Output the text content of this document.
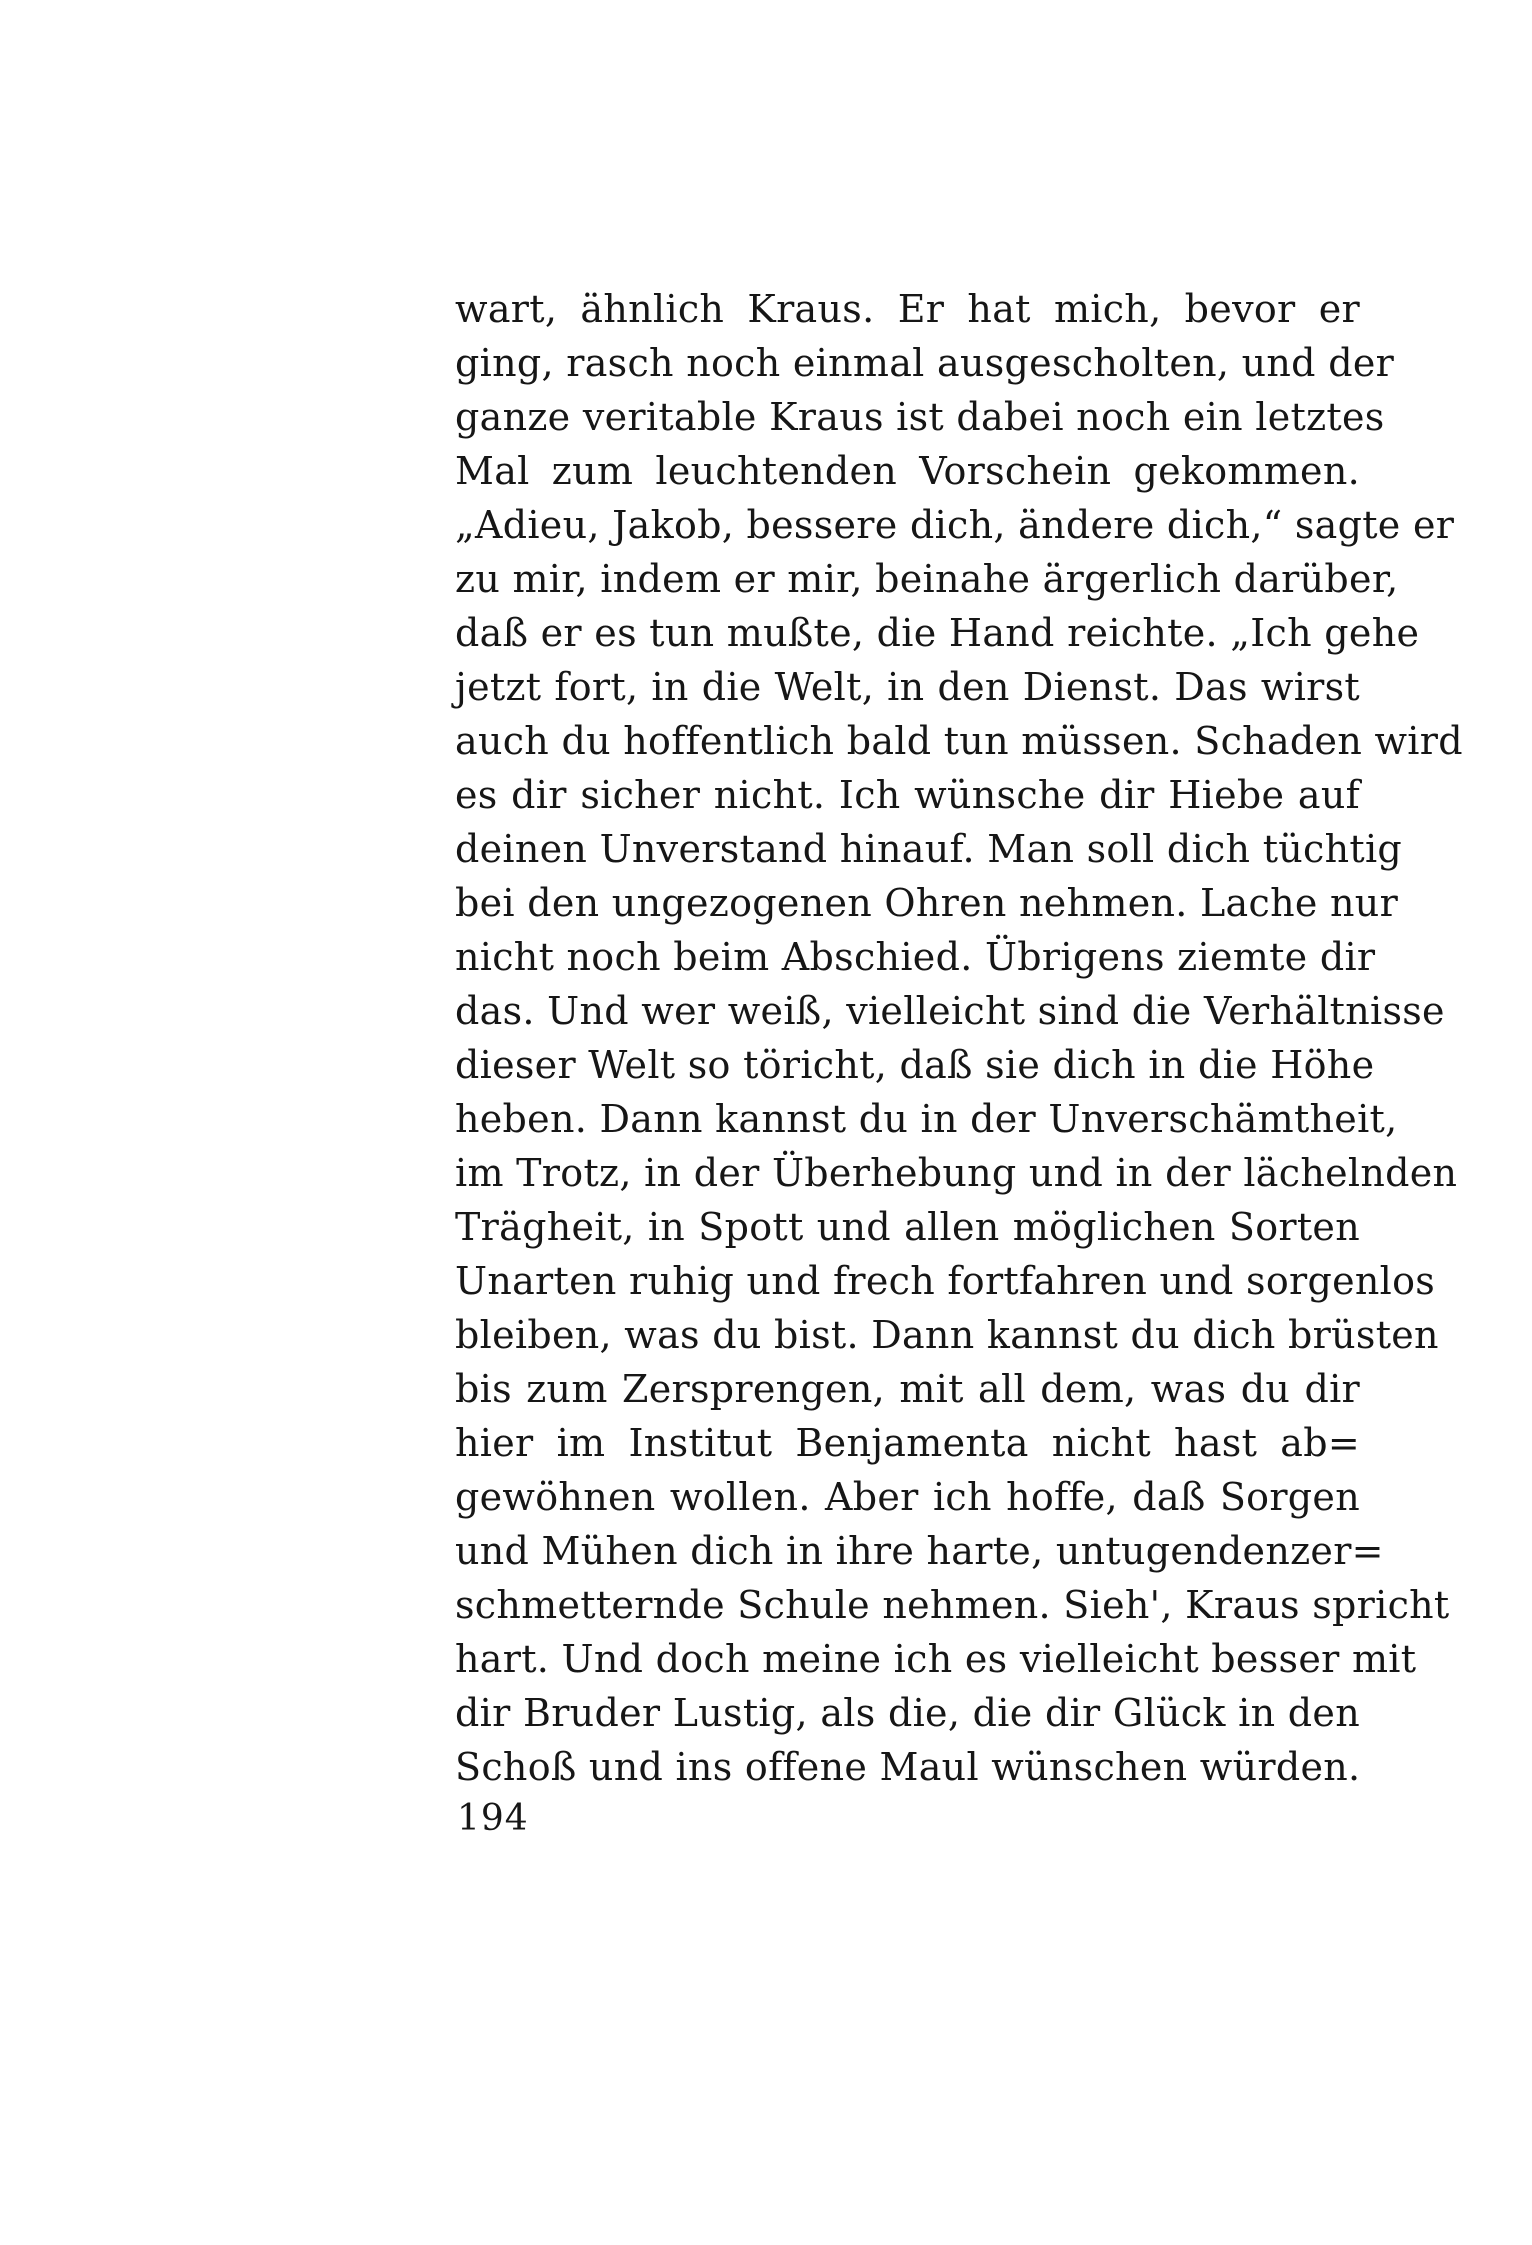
wart, ähnlich Kraus. Er hat mich, bevor er
ging, rasch noch einmal ausgescholten, und der
ganze veritable Kraus ist dabei noch ein letztes
Mal zum leuchtenden Vorschein gekommen.
„Adieu, Jakob, bessere dich, ändere dich,“ sagte er
zu mir, indem er mir, beinahe ärgerlich darüber,
daß er es tun mußte, die Hand reichte. „Ich gehe
jetzt fort, in die Welt, in den Dienst. Das wirst
auch du hoffentlich bald tun müssen. Schaden wird
es dir sicher nicht. Ich wünsche dir Hiebe auf
deinen Unverstand hinauf. Man soll dich tüchtig
bei den ungezogenen Ohren nehmen. Lache nur
nicht noch beim Abschied. Übrigens ziemte dir
das. Und wer weiß, vielleicht sind die Verhältnisse
dieser Welt so töricht, daß sie dich in die Höhe
heben. Dann kannst du in der Unverschämtheit,
im Trotz, in der Überhebung und in der lächelnden
Trägheit, in Spott und allen möglichen Sorten
Unarten ruhig und frech fortfahren und sorgenlos
bleiben, was du bist. Dann kannst du dich brüsten
bis zum Zersprengen, mit all dem, was du dir
hier im Institut Benjamenta nicht hast ab=
gewöhnen wollen. Aber ich hoffe, daß Sorgen
und Mühen dich in ihre harte, untugendenzer=
schmetternde Schule nehmen. Sieh', Kraus spricht
hart. Und doch meine ich es vielleicht besser mit
dir Bruder Lustig, als die, die dir Glück in den
Schoß und ins offene Maul wünschen würden.
194
